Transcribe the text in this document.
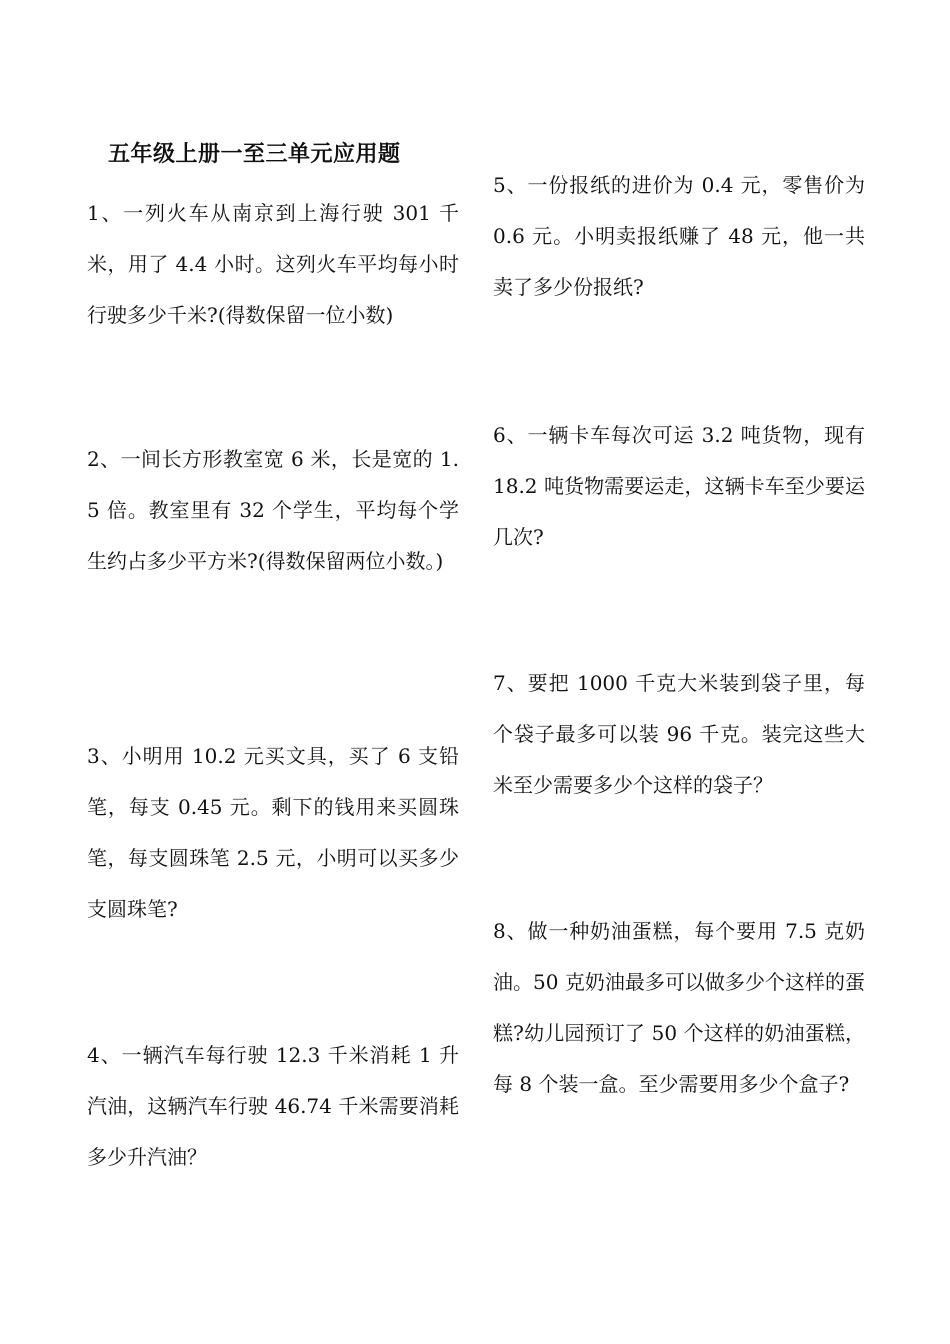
五年级上册一至三单元应用题
1、一列火车从南京到上海行驶 301 千米，用了 4.4 小时。这列火车平均每小时行驶多少千米?(得数保留一位小数)
2、一间长方形教室宽 6 米，长是宽的 1.5 倍。教室里有 32 个学生，平均每个学生约占多少平方米?(得数保留两位小数。)
3、小明用 10.2 元买文具，买了 6 支铅笔，每支 0.45 元。剩下的钱用来买圆珠笔，每支圆珠笔 2.5 元，小明可以买多少支圆珠笔?
4、一辆汽车每行驶 12.3 千米消耗 1 升汽油，这辆汽车行驶 46.74 千米需要消耗多少升汽油？
5、一份报纸的进价为 0.4 元，零售价为 0.6 元。小明卖报纸赚了 48 元，他一共卖了多少份报纸?
6、一辆卡车每次可运 3.2 吨货物，现有 18.2 吨货物需要运走，这辆卡车至少要运几次?
7、要把 1000 千克大米装到袋子里，每个袋子最多可以装 96 千克。装完这些大米至少需要多少个这样的袋子？
8、做一种奶油蛋糕，每个要用 7.5 克奶油。50 克奶油最多可以做多少个这样的蛋糕?幼儿园预订了 50 个这样的奶油蛋糕，每 8 个装一盒。至少需要用多少个盒子?
